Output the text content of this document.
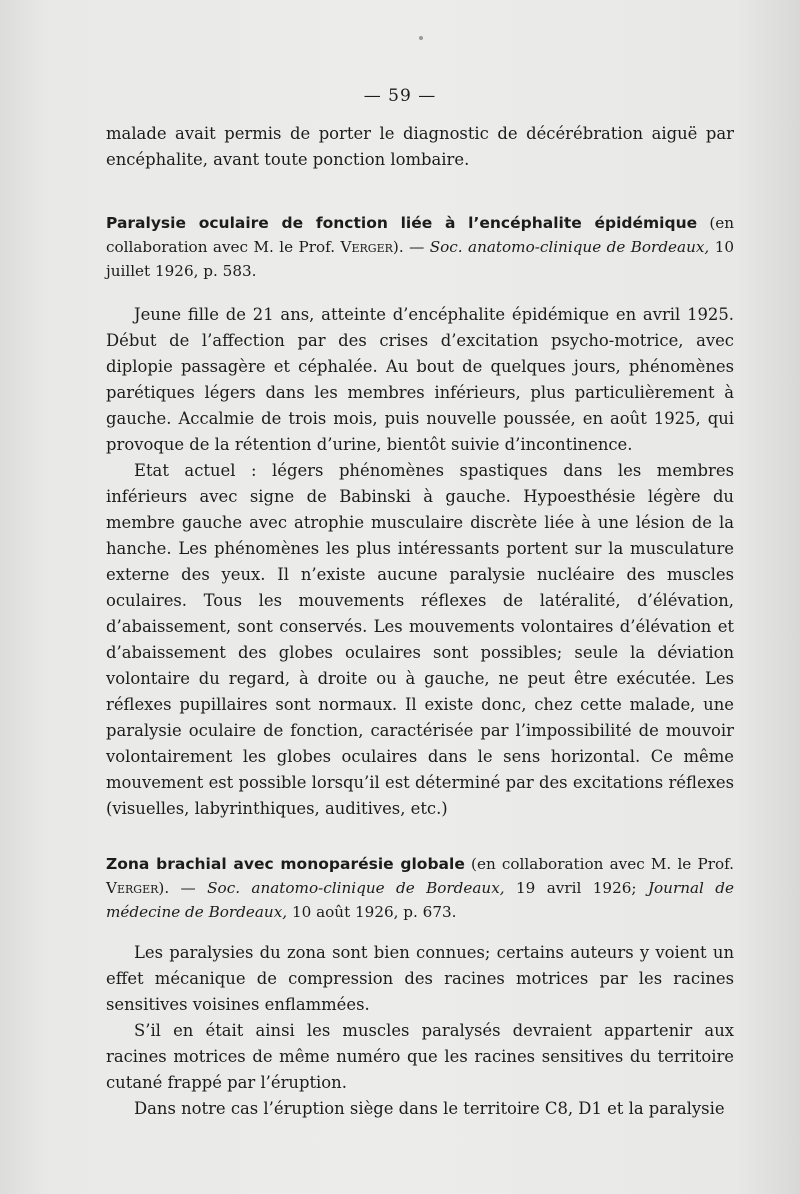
— 59 —

malade avait permis de porter le diagnostic de décérébration aiguë par encéphalite, avant toute ponction lombaire.

Paralysie oculaire de fonction liée à l’encéphalite épidémique (en collaboration avec M. le Prof. Verger). — Soc. anatomo-clinique de Bordeaux, 10 juillet 1926, p. 583.

Jeune fille de 21 ans, atteinte d’encéphalite épidémique en avril 1925. Début de l’affection par des crises d’excitation psycho-motrice, avec diplopie passagère et céphalée. Au bout de quelques jours, phénomènes parétiques légers dans les membres inférieurs, plus particulièrement à gauche. Accalmie de trois mois, puis nouvelle poussée, en août 1925, qui provoque de la rétention d’urine, bientôt suivie d’incontinence.

Etat actuel : légers phénomènes spastiques dans les membres inférieurs avec signe de Babinski à gauche. Hypoesthésie légère du membre gauche avec atrophie musculaire discrète liée à une lésion de la hanche. Les phénomènes les plus intéressants portent sur la musculature externe des yeux. Il n’existe aucune paralysie nucléaire des muscles oculaires. Tous les mouvements réflexes de latéralité, d’élévation, d’abaissement, sont conservés. Les mouvements volontaires d’élévation et d’abaissement des globes oculaires sont possibles; seule la déviation volontaire du regard, à droite ou à gauche, ne peut être exécutée. Les réflexes pupillaires sont normaux. Il existe donc, chez cette malade, une paralysie oculaire de fonction, caractérisée par l’impossibilité de mouvoir volontairement les globes oculaires dans le sens horizontal. Ce même mouvement est possible lorsqu’il est déterminé par des excitations réflexes (visuelles, labyrinthiques, auditives, etc.)

Zona brachial avec monoparésie globale (en collaboration avec M. le Prof. Verger). — Soc. anatomo-clinique de Bordeaux, 19 avril 1926; Journal de médecine de Bordeaux, 10 août 1926, p. 673.

Les paralysies du zona sont bien connues; certains auteurs y voient un effet mécanique de compression des racines motrices par les racines sensitives voisines enflammées.

S’il en était ainsi les muscles paralysés devraient appartenir aux racines motrices de même numéro que les racines sensitives du territoire cutané frappé par l’éruption.

Dans notre cas l’éruption siège dans le territoire C8, D1 et la paralysie
